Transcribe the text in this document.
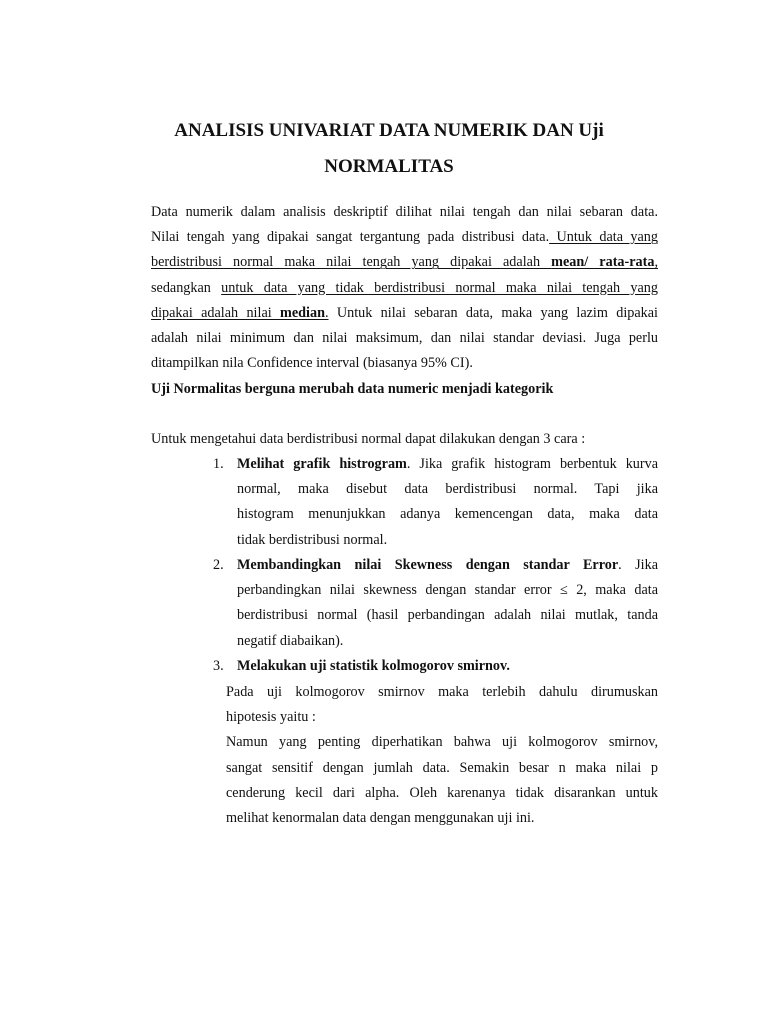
ANALISIS UNIVARIAT DATA NUMERIK DAN Uji
NORMALITAS
Data numerik dalam analisis deskriptif dilihat nilai tengah dan nilai sebaran data.
Nilai tengah yang dipakai sangat tergantung pada distribusi data. Untuk data yang
berdistribusi normal maka nilai tengah yang dipakai adalah mean/ rata-rata,
sedangkan untuk data yang tidak berdistribusi normal maka nilai tengah yang
dipakai adalah nilai median. Untuk nilai sebaran data, maka yang lazim dipakai
adalah nilai minimum dan nilai maksimum, dan nilai standar deviasi. Juga perlu
ditampilkan nila Confidence interval (biasanya 95% CI).
Uji Normalitas berguna merubah data numeric menjadi kategorik
Untuk mengetahui data berdistribusi normal dapat dilakukan dengan 3 cara :
1. Melihat grafik histrogram. Jika grafik histogram berbentuk kurva
normal, maka disebut data berdistribusi normal. Tapi jika
histogram menunjukkan adanya kemencengan data, maka data
tidak berdistribusi normal.
2. Membandingkan nilai Skewness dengan standar Error. Jika
perbandingkan nilai skewness dengan standar error ≤ 2, maka data
berdistribusi normal (hasil perbandingan adalah nilai mutlak, tanda
negatif diabaikan).
3. Melakukan uji statistik kolmogorov smirnov.
Pada uji kolmogorov smirnov maka terlebih dahulu dirumuskan
hipotesis yaitu :
Namun yang penting diperhatikan bahwa uji kolmogorov smirnov,
sangat sensitif dengan jumlah data. Semakin besar n maka nilai p
cenderung kecil dari alpha. Oleh karenanya tidak disarankan untuk
melihat kenormalan data dengan menggunakan uji ini.
